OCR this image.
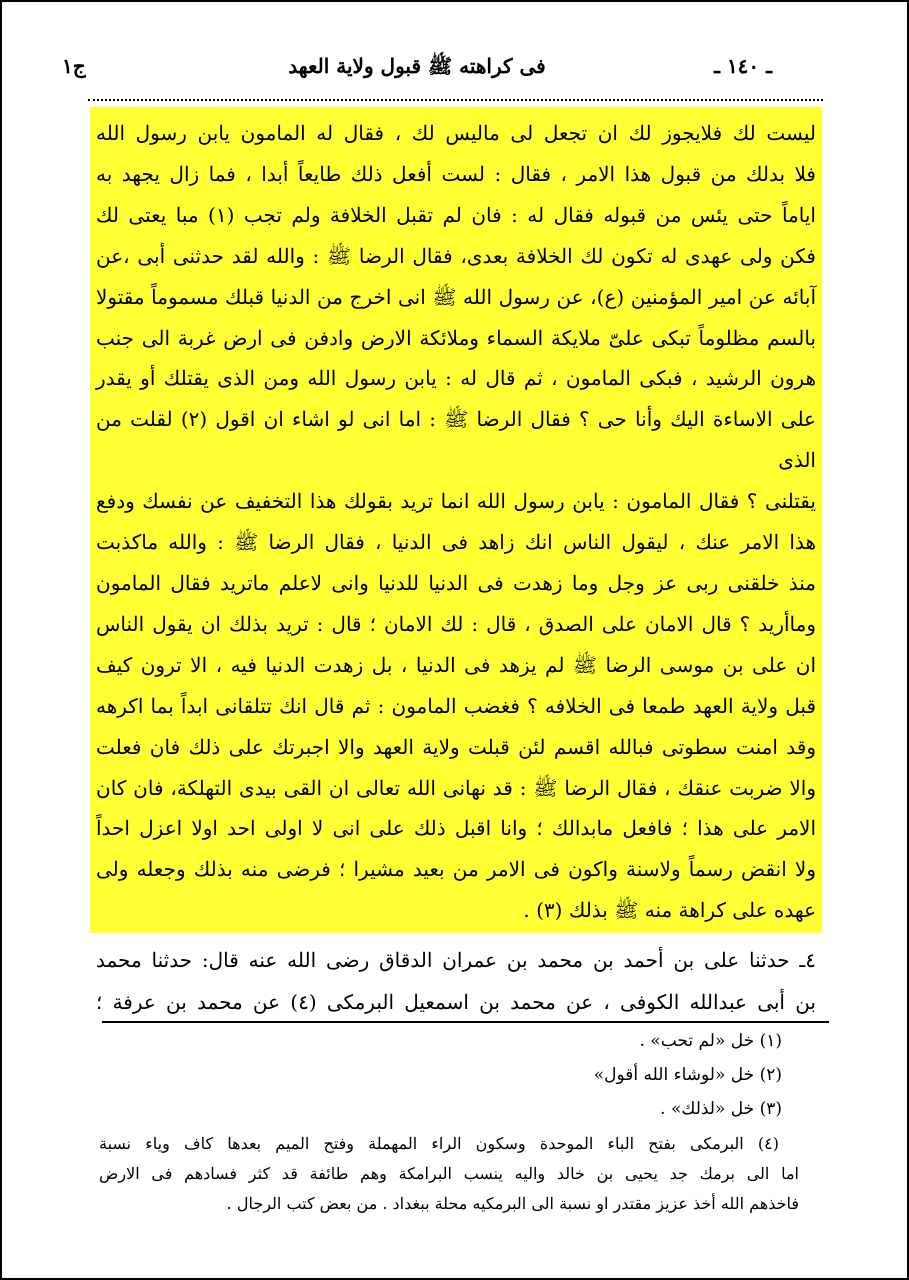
ـ ١٤٠ ـ
فى كراهته ﷺ قبول ولاية العهد
ج١
ليست لك فلايجوز لك ان تجعل لى ماليس لك ، فقال له المامون يابن رسول الله
فلا بدلك من قبول هذا الامر ، فقال : لست أفعل ذلك طايعاً أبدا ، فما زال يجهد به
اياماً حتى يئس من قبوله فقال له : فان لم تقبل الخلافة ولم تجب (١) مبا يعتى لك
فكن ولى عهدى له تكون لك الخلافة بعدى، فقال الرضا ﷺ : والله لقد حدثنى أبى ،عن
آبائه عن امير المؤمنين (ع)، عن رسول الله ﷺ انى اخرج من الدنيا قبلك مسموماً مقتولا
بالسم مظلوماً تبكى علىّ ملايكة السماء وملائكة الارض وادفن فى ارض غربة الى جنب
هرون الرشيد ، فبكى المامون ، ثم قال له : يابن رسول الله ومن الذى يقتلك أو يقدر
على الاساءة اليك وأنا حى ؟ فقال الرضا ﷺ : اما انى لو اشاء ان اقول (٢) لقلت من الذى
يقتلنى ؟ فقال المامون : يابن رسول الله انما تريد بقولك هذا التخفيف عن نفسك ودفع
هذا الامر عنك ، ليقول الناس انك زاهد فى الدنيا ، فقال الرضا ﷺ : والله ماكذبت
منذ خلقنى ربى عز وجل وما زهدت فى الدنيا للدنيا وانى لاعلم ماتريد فقال المامون
وماأريد ؟ قال الامان على الصدق ، قال : لك الامان ؛ قال : تريد بذلك ان يقول الناس
ان على بن موسى الرضا ﷺ لم يزهد فى الدنيا ، بل زهدت الدنيا فيه ، الا ترون كيف
قبل ولاية العهد طمعا فى الخلافه ؟ فغضب المامون : ثم قال انك تتلقانى ابداً بما اكرهه
وقد امنت سطوتى فبالله اقسم لئن قبلت ولاية العهد والا اجبرتك على ذلك فان فعلت
والا ضربت عنقك ، فقال الرضا ﷺ : قد نهانى الله تعالى ان القى بيدى التهلكة، فان كان
الامر على هذا ؛ فافعل مابدالك ؛ وانا اقبل ذلك على انى لا اولى احد اولا اعزل احداً
ولا انقض رسماً ولاسنة واكون فى الامر من بعيد مشيرا ؛ فرضى منه بذلك وجعله ولى
عهده على كراهة منه ﷺ بذلك (٣) .
٤ـ حدثنا على بن أحمد بن محمد بن عمران الدقاق رضى الله عنه قال: حدثنا محمد
بن أبى عبدالله الكوفى ، عن محمد بن اسمعيل البرمكى (٤) عن محمد بن عرفة ؛
(١) خل «لم تحب» .
(٢) خل «لوشاء الله أقول»
(٣) خل «لذلك» .
(٤) البرمكى بفتح الباء الموحدة وسكون الراء المهملة وفتح الميم بعدها كاف وياء نسبة
اما الى برمك جد يحيى بن خالد واليه ينسب البرامكة وهم طائفة قد كثر فسادهم فى الارض
فاخذهم الله أخذ عزيز مقتدر او نسبة الى البرمكيه محلة ببغداد . من بعض كتب الرجال .
